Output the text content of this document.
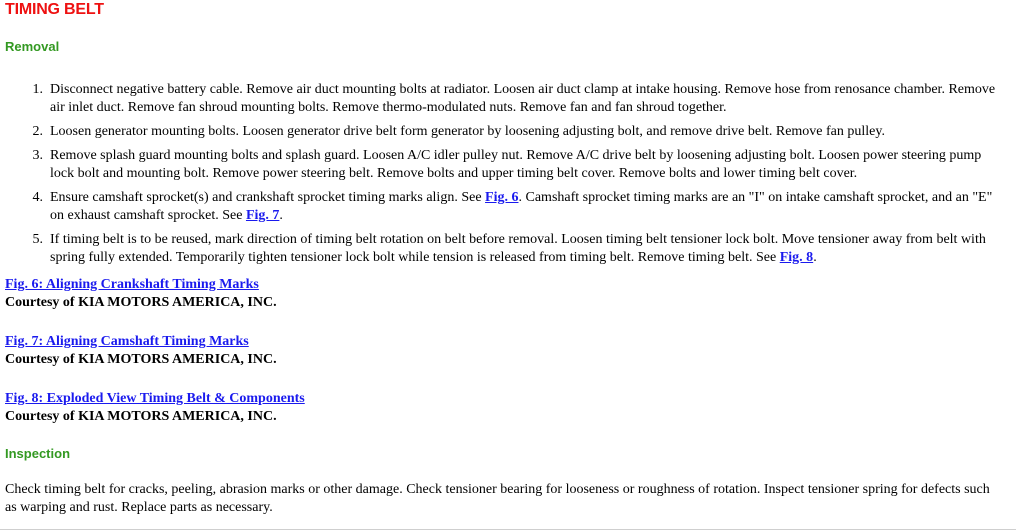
TIMING BELT
Removal
1. Disconnect negative battery cable. Remove air duct mounting bolts at radiator. Loosen air duct clamp at intake housing. Remove hose from renosance chamber. Remove air inlet duct. Remove fan shroud mounting bolts. Remove thermo-modulated nuts. Remove fan and fan shroud together.
2. Loosen generator mounting bolts. Loosen generator drive belt form generator by loosening adjusting bolt, and remove drive belt. Remove fan pulley.
3. Remove splash guard mounting bolts and splash guard. Loosen A/C idler pulley nut. Remove A/C drive belt by loosening adjusting bolt. Loosen power steering pump lock bolt and mounting bolt. Remove power steering belt. Remove bolts and upper timing belt cover. Remove bolts and lower timing belt cover.
4. Ensure camshaft sprocket(s) and crankshaft sprocket timing marks align. See Fig. 6. Camshaft sprocket timing marks are an "I" on intake camshaft sprocket, and an "E" on exhaust camshaft sprocket. See Fig. 7.
5. If timing belt is to be reused, mark direction of timing belt rotation on belt before removal. Loosen timing belt tensioner lock bolt. Move tensioner away from belt with spring fully extended. Temporarily tighten tensioner lock bolt while tension is released from timing belt. Remove timing belt. See Fig. 8.
Fig. 6: Aligning Crankshaft Timing Marks
Courtesy of KIA MOTORS AMERICA, INC.
Fig. 7: Aligning Camshaft Timing Marks
Courtesy of KIA MOTORS AMERICA, INC.
Fig. 8: Exploded View Timing Belt & Components
Courtesy of KIA MOTORS AMERICA, INC.
Inspection

Check timing belt for cracks, peeling, abrasion marks or other damage. Check tensioner bearing for looseness or roughness of rotation. Inspect tensioner spring for defects such as warping and rust. Replace parts as necessary.
